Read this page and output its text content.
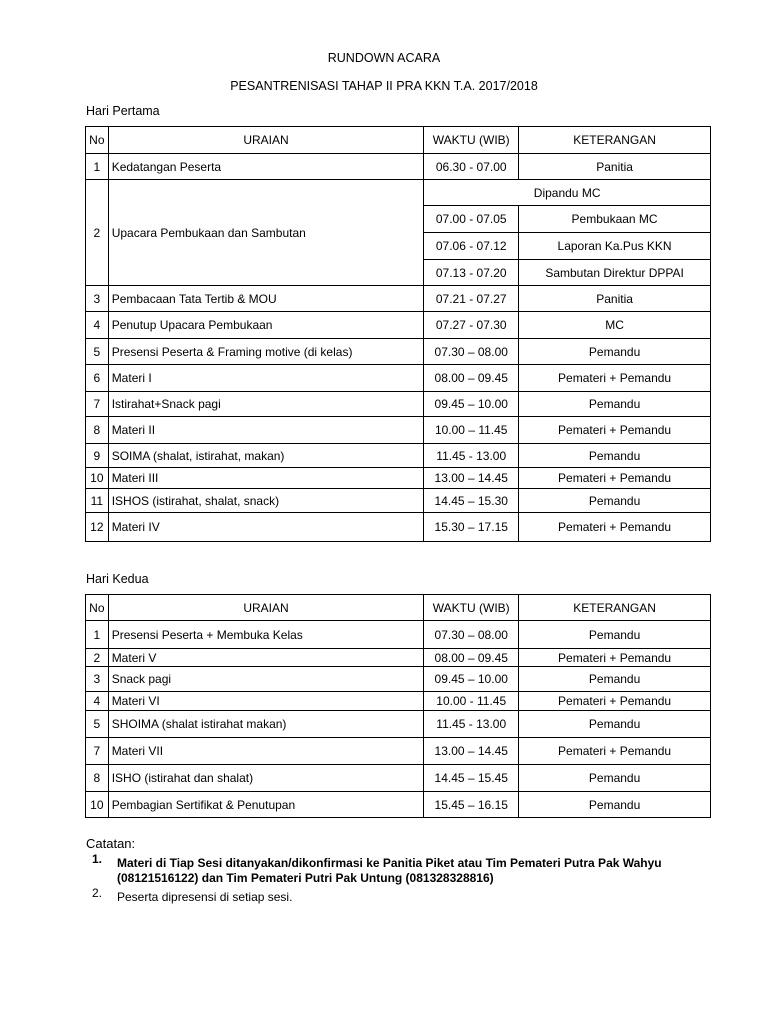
RUNDOWN ACARA
PESANTRENISASI TAHAP II PRA KKN T.A. 2017/2018
Hari Pertama
No	URAIAN	WAKTU (WIB)	KETERANGAN
1	Kedatangan Peserta	06.30 - 07.00	Panitia
2	Upacara Pembukaan dan Sambutan	Dipandu MC	
		07.00 - 07.05	Pembukaan MC
		07.06 - 07.12	Laporan Ka.Pus KKN
		07.13 - 07.20	Sambutan Direktur DPPAI
3	Pembacaan Tata Tertib & MOU	07.21 - 07.27	Panitia
4	Penutup Upacara Pembukaan	07.27 - 07.30	MC
5	Presensi Peserta & Framing motive (di kelas)	07.30 – 08.00	Pemandu
6	Materi I	08.00 – 09.45	Pemateri + Pemandu
7	Istirahat+Snack pagi	09.45 – 10.00	Pemandu
8	Materi II	10.00 – 11.45	Pemateri + Pemandu
9	SOIMA (shalat, istirahat, makan)	11.45 - 13.00	Pemandu
10	Materi III	13.00 – 14.45	Pemateri + Pemandu
11	ISHOS (istirahat, shalat, snack)	14.45 – 15.30	Pemandu
12	Materi IV	15.30 – 17.15	Pemateri + Pemandu
Hari Kedua
No	URAIAN	WAKTU (WIB)	KETERANGAN
1	Presensi Peserta + Membuka Kelas	07.30 – 08.00	Pemandu
2	Materi V	08.00 – 09.45	Pemateri + Pemandu
3	Snack pagi	09.45 – 10.00	Pemandu
4	Materi VI	10.00 - 11.45	Pemateri + Pemandu
5	SHOIMA (shalat istirahat makan)	11.45 - 13.00	Pemandu
7	Materi VII	13.00 – 14.45	Pemateri + Pemandu
8	ISHO (istirahat dan shalat)	14.45 – 15.45	Pemandu
10	Pembagian Sertifikat & Penutupan	15.45 – 16.15	Pemandu
Catatan:
1. Materi di Tiap Sesi ditanyakan/dikonfirmasi ke Panitia Piket atau Tim Pemateri Putra Pak Wahyu (08121516122) dan Tim Pemateri Putri Pak Untung (081328328816)
2. Peserta dipresensi di setiap sesi.
